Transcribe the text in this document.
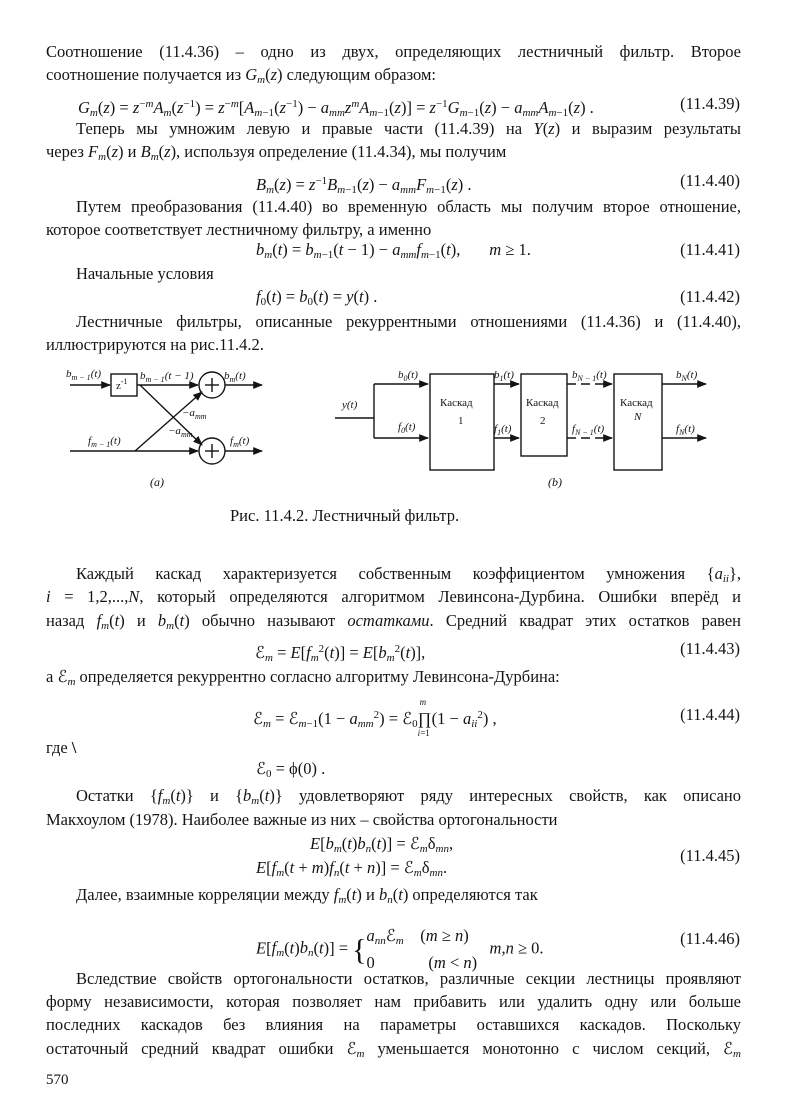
Соотношение (11.4.36) – одно из двух, определяющих лестничный фильтр. Второе
соотношение получается из $G_m(z)$ следующим образом:
$G_m(z) = z^{-m}A_m(z^{-1}) = z^{-m}[A_{m-1}(z^{-1}) - a_{mm}z^mA_{m-1}(z)] = z^{-1}G_{m-1}(z) - a_{mm}A_{m-1}(z)$ .	(11.4.39)
Теперь мы умножим левую и правые части (11.4.39) на Y(z) и выразим результаты
через $F_m(z)$ и $B_m(z)$, используя определение (11.4.34), мы получим
$B_m(z) = z^{-1}B_{m-1}(z) - a_{mm}F_{m-1}(z)$ .	(11.4.40)
Путем преобразования (11.4.40) во временную область мы получим второе отношение,
которое соответствует лестничному фильтру, а именно
$b_m(t) = b_{m-1}(t - 1) - a_{mm}f_{m-1}(t)$,       m ≥ 1.	(11.4.41)
Начальные условия
$f_0(t) = b_0(t) = y(t)$ .	(11.4.42)
Лестничные фильтры, описанные рекуррентными отношениями (11.4.36) и (11.4.40),
иллюстрируются на рис.11.4.2.
$b_{m - 1}(t)$
$z^{-1}$ $b_{m - 1}(t - 1)$	$b_m(t)$
$-a_{mm}$
$-a_{mm}$
$f_{m - 1}(t)$	$f_m(t)$
(a)
y(t)
$b_0(t)$
$f_0(t)$
Каскад
1
$b_1(t)$
$f_1(t)$
Каскад
2
$b_{N - 1}(t)$
$f_{N - 1}(t)$
Каскад
N
$b_N(t)$
$f_N(t)$
(b)
Рис. 11.4.2. Лестничный фильтр.
Каждый каскад характеризуется собственным коэффициентом умножения $\{a_{ii}\}$,
i = 1,2,...,N, который определяются алгоритмом Левинсона-Дурбина. Ошибки вперёд и
назад $f_m(t)$ и $b_m(t)$ обычно называют остатками. Средний квадрат этих остатков равен
ℰ$_m$ = $E[f_m^2(t)] = E[b_m^2(t)]$,	(11.4.43)
а ℰ$_m$ определяется рекуррентно согласно алгоритму Левинсона-Дурбина:
ℰ$_m$ = ℰ$_{m-1}$(1 − $a_{mm}^2$) = ℰ$_0$
m
∏
i=1
$(1 - a_{ii}^2)$ ,	(11.4.44)
где \
ℰ$_0$ = ϕ(0) .
Остатки $\{f_m(t)\}$ и $\{b_m(t)\}$ удовлетворяют ряду интересных свойств, как описано
Макхоулом (1978). Наиболее важные из них – свойства ортогональности
$E[b_m(t)b_n(t)]$ = $ℰ_m\delta_{mn}$,
$E[f_m(t + m)f_n(t + n)]$ = $ℰ_m\delta_{mn}$.
(11.4.45)
Далее, взаимные корреляции между $f_m(t)$ и $b_n(t)$ определяются так
$E[f_m(t)b_n(t)]$ = {$a_{nn}ℰ_m$    (m ≥ n)
0             (m < n)   m,n ≥ 0.	(11.4.46)
Вследствие свойств ортогональности остатков, различные секции лестницы проявляют
форму независимости, которая позволяет нам прибавить или удалить одну или больше
последних каскадов без влияния на параметры оставшихся каскадов. Поскольку
остаточный средний квадрат ошибки ℰ$_m$ уменьшается монотонно с числом секций, ℰ$_m$
570
